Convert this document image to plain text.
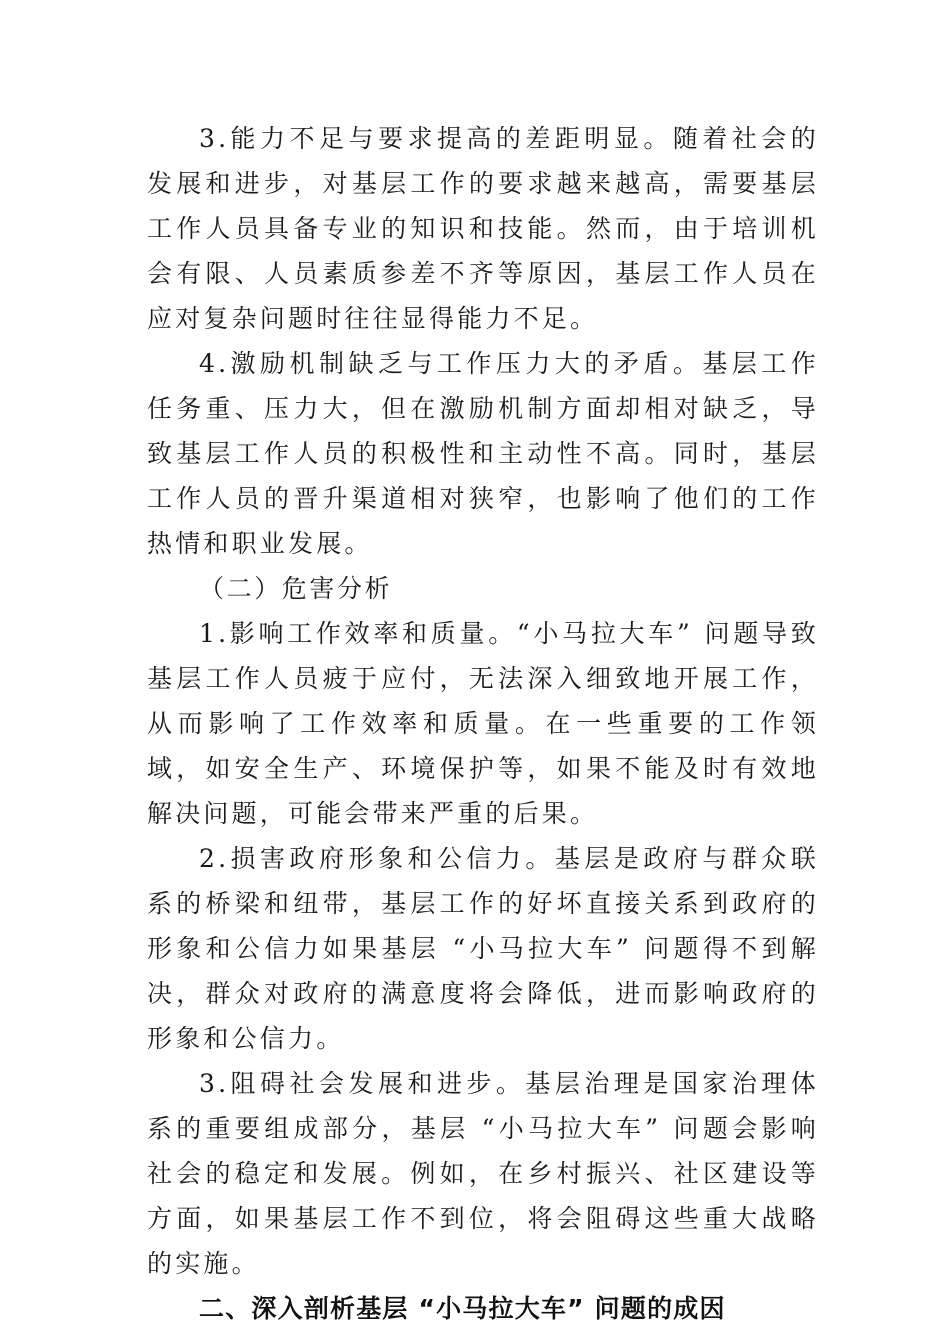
3.能力不足与要求提高的差距明显。随着社会的发展和进步，对基层工作的要求越来越高，需要基层工作人员具备专业的知识和技能。然而，由于培训机会有限、人员素质参差不齐等原因，基层工作人员在应对复杂问题时往往显得能力不足。

4.激励机制缺乏与工作压力大的矛盾。基层工作任务重、压力大，但在激励机制方面却相对缺乏，导致基层工作人员的积极性和主动性不高。同时，基层工作人员的晋升渠道相对狭窄，也影响了他们的工作热情和职业发展。

（二）危害分析

1.影响工作效率和质量。“小马拉大车” 问题导致基层工作人员疲于应付，无法深入细致地开展工作，从而影响了工作效率和质量。在一些重要的工作领域，如安全生产、环境保护等，如果不能及时有效地解决问题，可能会带来严重的后果。

2.损害政府形象和公信力。基层是政府与群众联系的桥梁和纽带，基层工作的好坏直接关系到政府的形象和公信力如果基层 “小马拉大车” 问题得不到解决，群众对政府的满意度将会降低，进而影响政府的形象和公信力。

3.阻碍社会发展和进步。基层治理是国家治理体系的重要组成部分，基层 “小马拉大车” 问题会影响社会的稳定和发展。例如，在乡村振兴、社区建设等方面，如果基层工作不到位，将会阻碍这些重大战略的实施。

二、深入剖析基层 “小马拉大车” 问题的成因
